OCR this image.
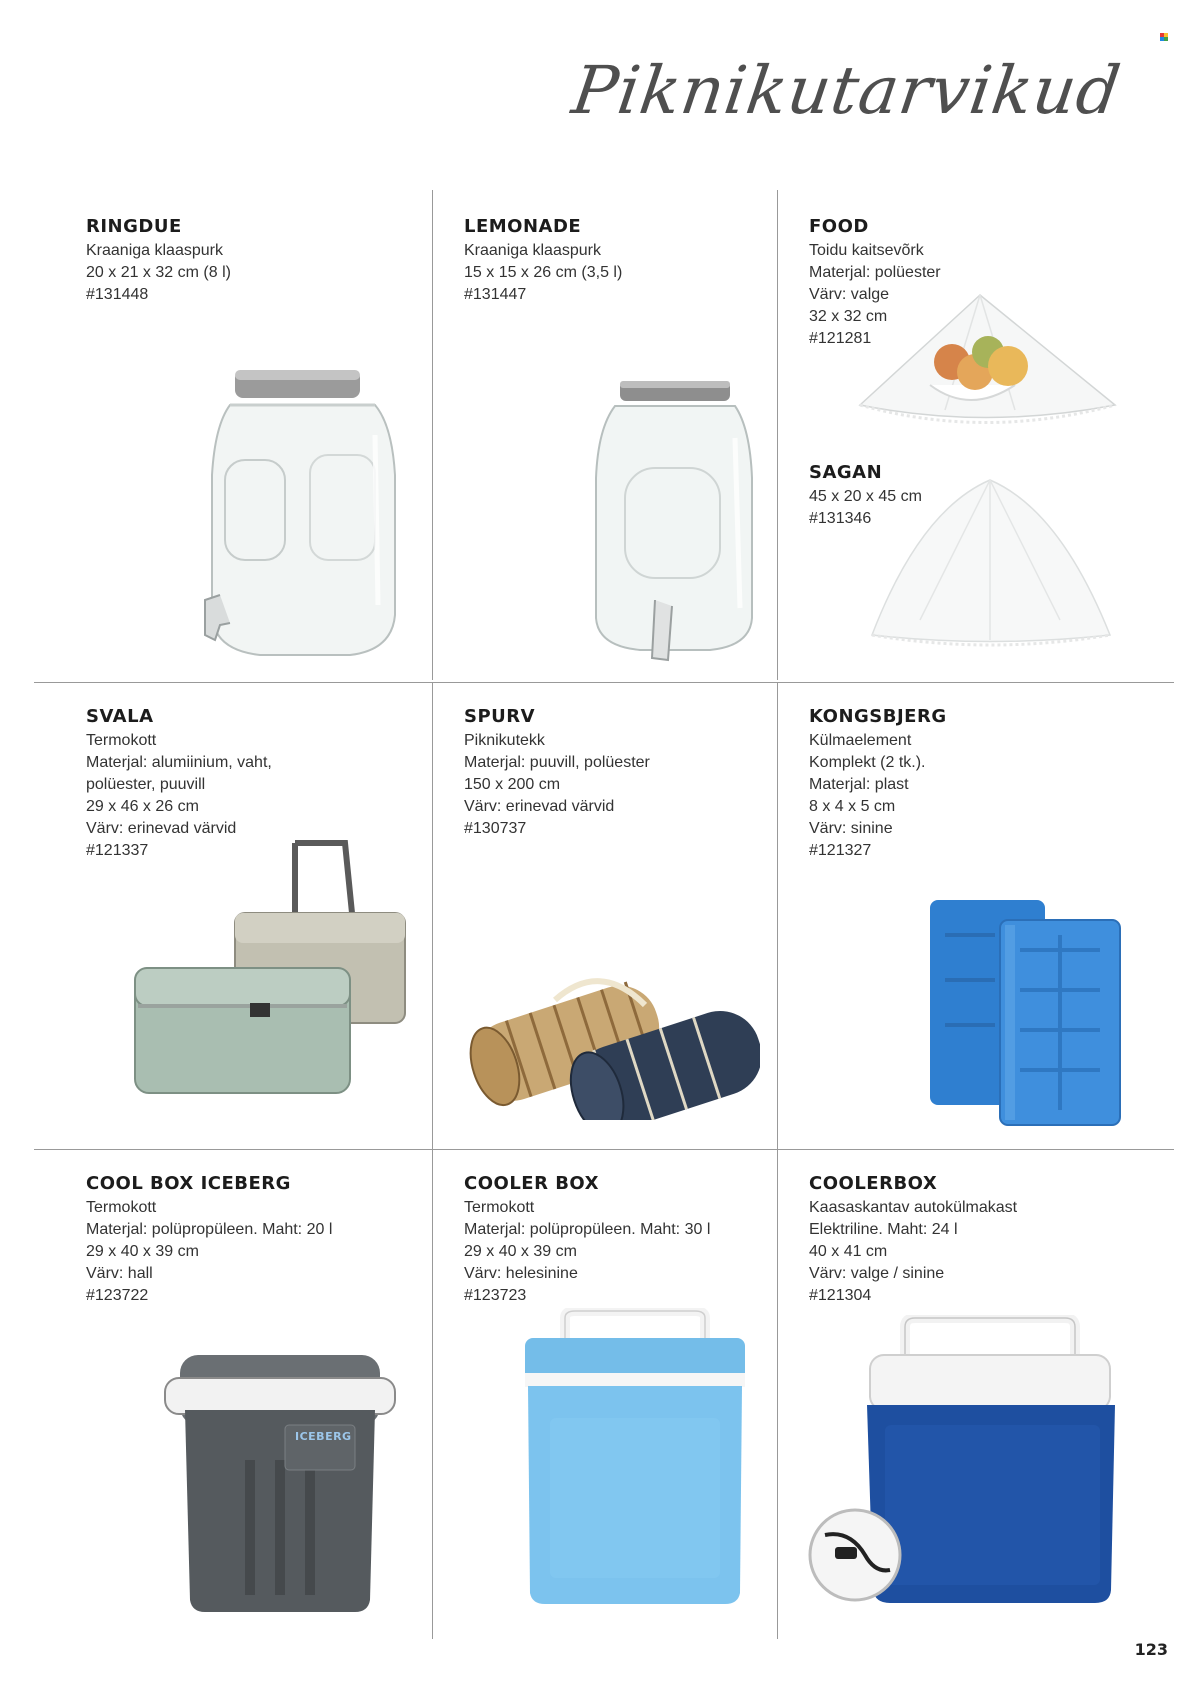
Piknikutarvikud
RINGDUE
Kraaniga klaaspurk
20 x 21 x 32 cm (8 l)
#131448
LEMONADE
Kraaniga klaaspurk
15 x 15 x 26 cm (3,5 l)
#131447
FOOD
Toidu kaitsevõrk
Materjal: polüester
Värv: valge
32 x 32 cm
#121281
SAGAN
45 x 20 x 45 cm
#131346
SVALA
Termokott
Materjal: alumiinium, vaht,
polüester, puuvill
29 x 46 x 26 cm
Värv: erinevad värvid
#121337
SPURV
Piknikutekk
Materjal: puuvill, polüester
150 x 200 cm
Värv: erinevad värvid
#130737
KONGSBJERG
Külmaelement
Komplekt (2 tk.).
Materjal: plast
8 x 4 x 5 cm
Värv: sinine
#121327
COOL BOX ICEBERG
Termokott
Materjal: polüpropüleen. Maht: 20 l
29 x 40 x 39 cm
Värv: hall
#123722
ICEBERG
COOLER BOX
Termokott
Materjal: polüpropüleen. Maht: 30 l
29 x 40 x 39 cm
Värv: helesinine
#123723
COOLERBOX
Kaasaskantav autokülmakast
Elektriline. Maht: 24 l
40 x 41 cm
Värv: valge / sinine
#121304
123
